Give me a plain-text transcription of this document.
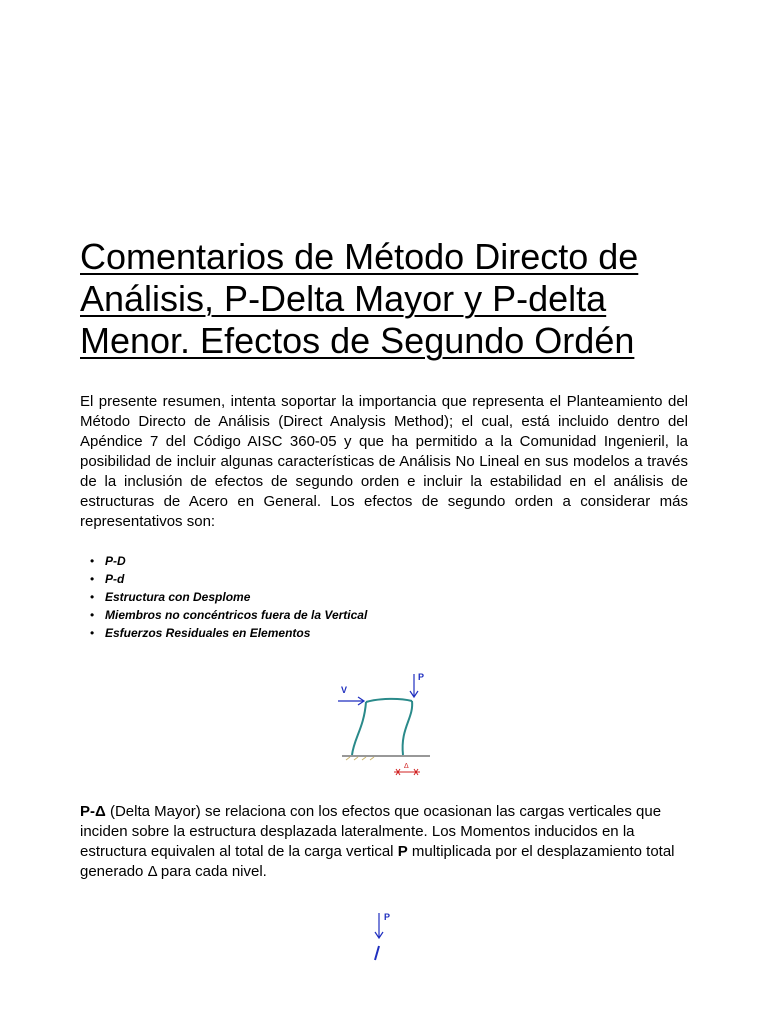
Comentarios de Método Directo de
Análisis, P-Delta Mayor y P-delta
Menor. Efectos de Segundo Ordén

El presente resumen, intenta soportar la importancia que representa el Planteamiento del Método Directo de Análisis (Direct Analysis Method); el cual, está incluido dentro del Apéndice 7 del Código AISC 360-05 y que ha permitido a la Comunidad Ingenieril, la posibilidad de incluir algunas características de Análisis No Lineal en sus modelos a través de la inclusión de efectos de segundo orden e incluir la estabilidad en el análisis de estructuras de Acero en General. Los efectos de segundo orden a considerar más representativos son:

• P-D
• P-d
• Estructura con Desplome
• Miembros no concéntricos fuera de la Vertical
• Esfuerzos Residuales en Elementos
V
P
Δ

P-Δ (Delta Mayor) se relaciona con los efectos que ocasionan las cargas verticales que inciden sobre la estructura desplazada lateralmente. Los Momentos inducidos en la estructura equivalen al total de la carga vertical P multiplicada por el desplazamiento total generado Δ para cada nivel.

P
